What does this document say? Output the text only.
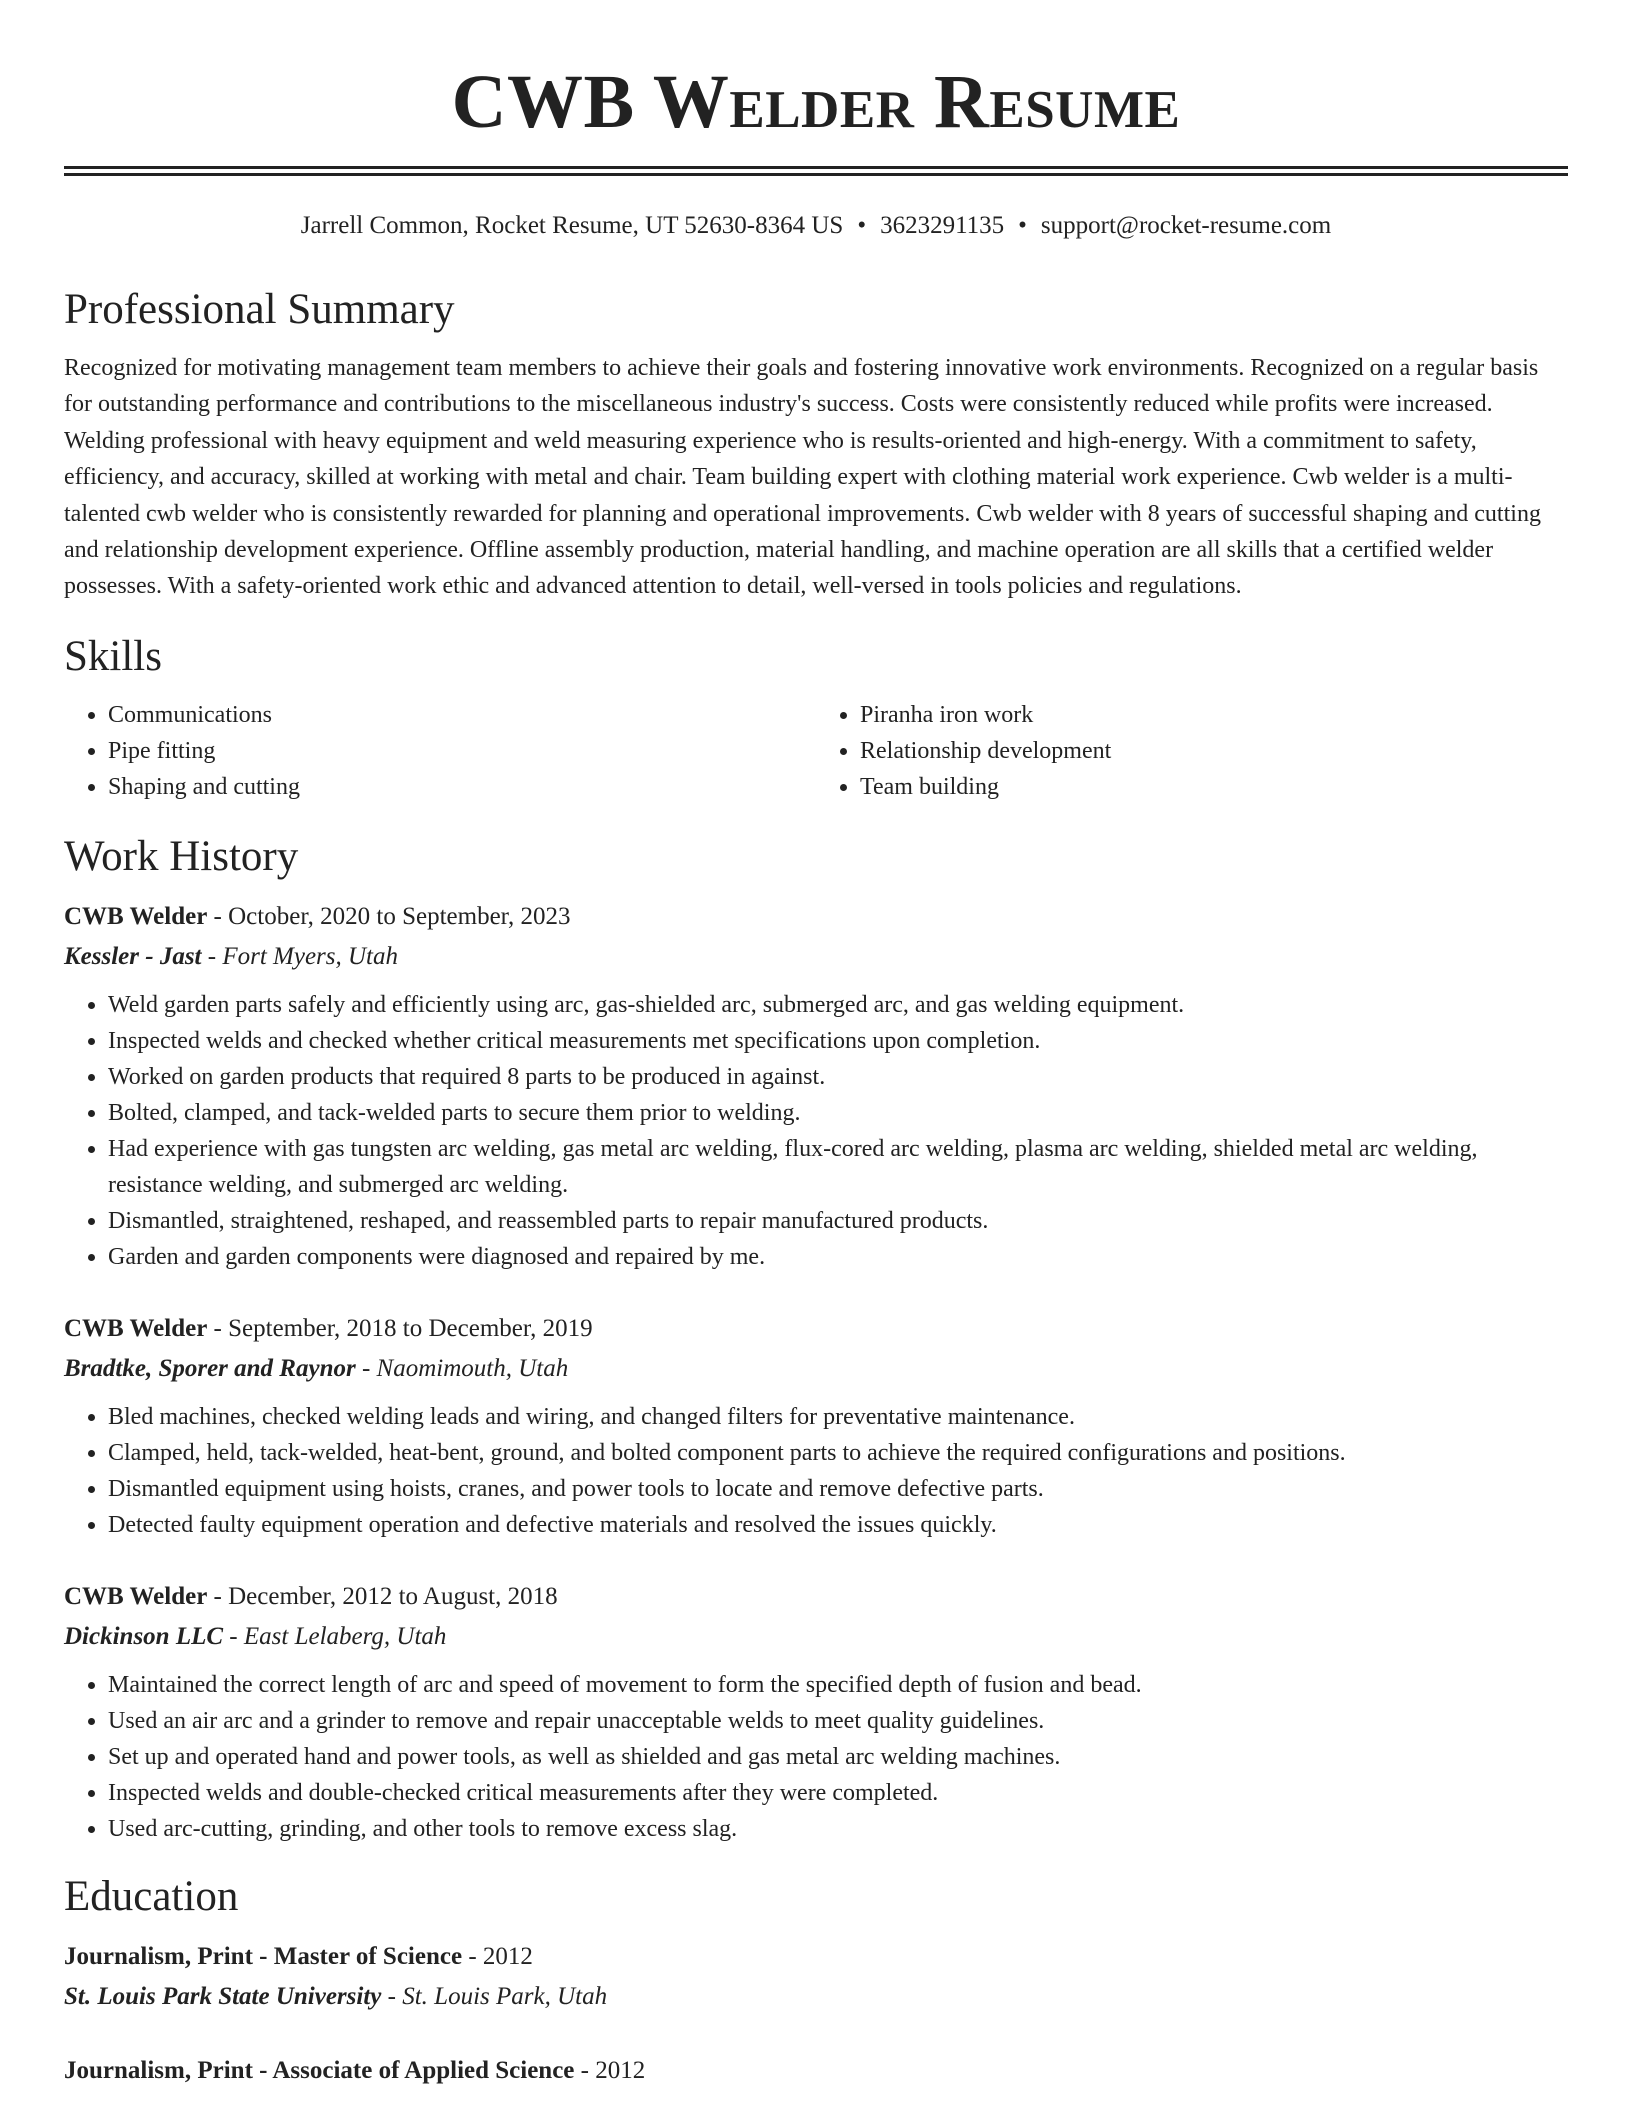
CWB Welder Resume
Jarrell Common, Rocket Resume, UT 52630-8364 US • 3623291135 • support@rocket-resume.com
Professional Summary

Recognized for motivating management team members to achieve their goals and fostering innovative work environments. Recognized on a regular basis for outstanding performance and contributions to the miscellaneous industry's success. Costs were consistently reduced while profits were increased. Welding professional with heavy equipment and weld measuring experience who is results-oriented and high-energy. With a commitment to safety, efficiency, and accuracy, skilled at working with metal and chair. Team building expert with clothing material work experience. Cwb welder is a multi-talented cwb welder who is consistently rewarded for planning and operational improvements. Cwb welder with 8 years of successful shaping and cutting and relationship development experience. Offline assembly production, material handling, and machine operation are all skills that a certified welder possesses. With a safety-oriented work ethic and advanced attention to detail, well-versed in tools policies and regulations.

Skills
• Communications
• Pipe fitting
• Shaping and cutting
• Piranha iron work
• Relationship development
• Team building
Work History
CWB Welder - October, 2020 to September, 2023
Kessler - Jast - Fort Myers, Utah
• Weld garden parts safely and efficiently using arc, gas-shielded arc, submerged arc, and gas welding equipment.
• Inspected welds and checked whether critical measurements met specifications upon completion.
• Worked on garden products that required 8 parts to be produced in against.
• Bolted, clamped, and tack-welded parts to secure them prior to welding.
• Had experience with gas tungsten arc welding, gas metal arc welding, flux-cored arc welding, plasma arc welding, shielded metal arc welding, resistance welding, and submerged arc welding.
• Dismantled, straightened, reshaped, and reassembled parts to repair manufactured products.
• Garden and garden components were diagnosed and repaired by me.
CWB Welder - September, 2018 to December, 2019
Bradtke, Sporer and Raynor - Naomimouth, Utah
• Bled machines, checked welding leads and wiring, and changed filters for preventative maintenance.
• Clamped, held, tack-welded, heat-bent, ground, and bolted component parts to achieve the required configurations and positions.
• Dismantled equipment using hoists, cranes, and power tools to locate and remove defective parts.
• Detected faulty equipment operation and defective materials and resolved the issues quickly.
CWB Welder - December, 2012 to August, 2018
Dickinson LLC - East Lelaberg, Utah
• Maintained the correct length of arc and speed of movement to form the specified depth of fusion and bead.
• Used an air arc and a grinder to remove and repair unacceptable welds to meet quality guidelines.
• Set up and operated hand and power tools, as well as shielded and gas metal arc welding machines.
• Inspected welds and double-checked critical measurements after they were completed.
• Used arc-cutting, grinding, and other tools to remove excess slag.
Education
Journalism, Print - Master of Science - 2012
St. Louis Park State University - St. Louis Park, Utah
Journalism, Print - Associate of Applied Science - 2012
